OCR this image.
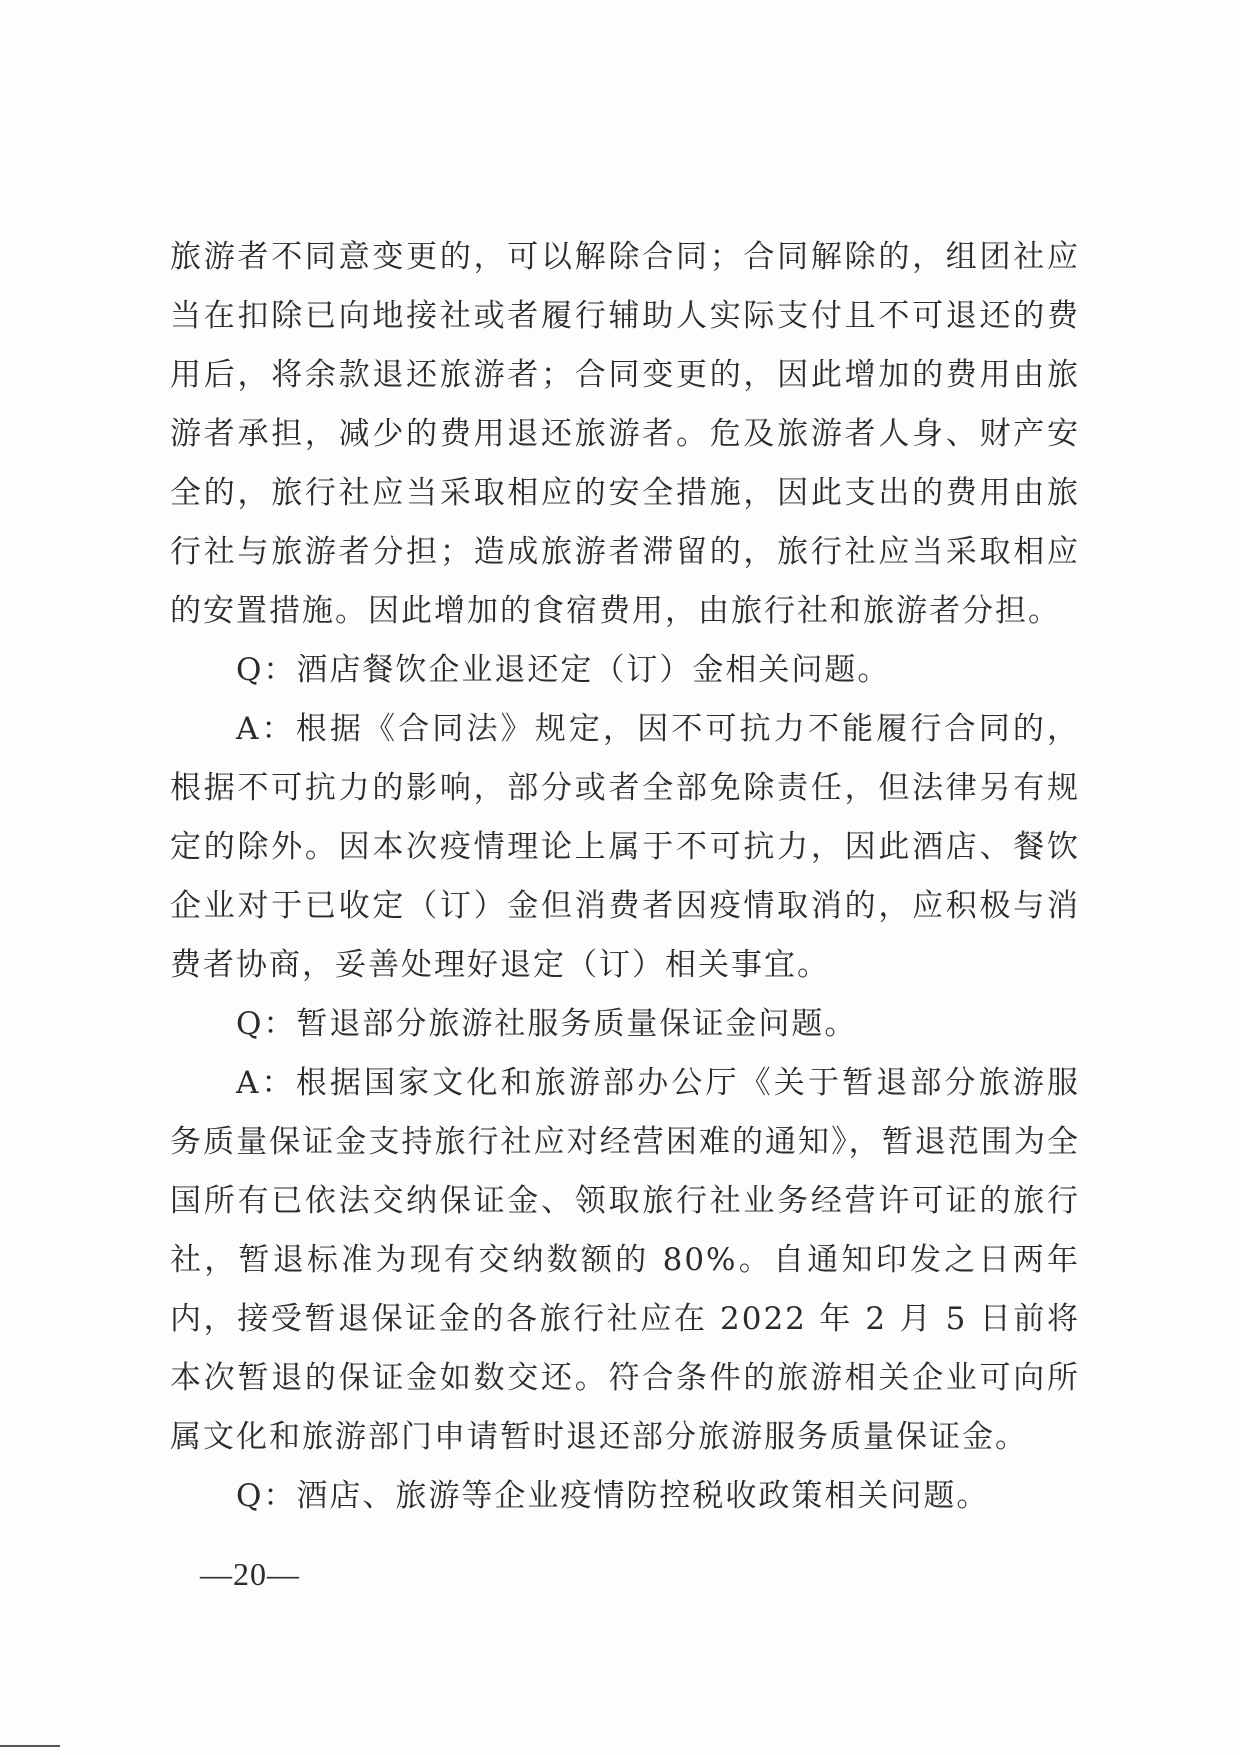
旅游者不同意变更的，可以解除合同；合同解除的，组团社应当在扣除已向地接社或者履行辅助人实际支付且不可退还的费用后，将余款退还旅游者；合同变更的，因此增加的费用由旅游者承担，减少的费用退还旅游者。危及旅游者人身、财产安全的，旅行社应当采取相应的安全措施，因此支出的费用由旅行社与旅游者分担；造成旅游者滞留的，旅行社应当采取相应的安置措施。因此增加的食宿费用，由旅行社和旅游者分担。

Q：酒店餐饮企业退还定（订）金相关问题。

A：根据《合同法》规定，因不可抗力不能履行合同的，根据不可抗力的影响，部分或者全部免除责任，但法律另有规定的除外。因本次疫情理论上属于不可抗力，因此酒店、餐饮企业对于已收定（订）金但消费者因疫情取消的，应积极与消费者协商，妥善处理好退定（订）相关事宜。

Q：暂退部分旅游社服务质量保证金问题。

A：根据国家文化和旅游部办公厅《关于暂退部分旅游服务质量保证金支持旅行社应对经营困难的通知》，暂退范围为全国所有已依法交纳保证金、领取旅行社业务经营许可证的旅行社，暂退标准为现有交纳数额的 80%。自通知印发之日两年内，接受暂退保证金的各旅行社应在 2022 年 2 月 5 日前将本次暂退的保证金如数交还。符合条件的旅游相关企业可向所属文化和旅游部门申请暂时退还部分旅游服务质量保证金。

Q：酒店、旅游等企业疫情防控税收政策相关问题。

—20—
